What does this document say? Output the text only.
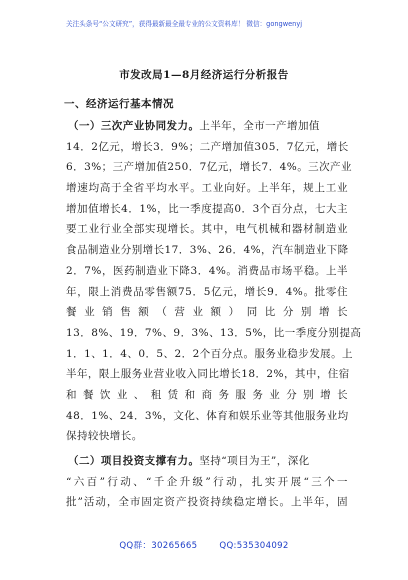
关注头条号“公文研究”，获得最新最全最专业的公文资料库！ 微信：gongwenyj
市发改局1—8月经济运行分析报告
一、经济运行基本情况
（一）三次产业协同发力。上半年，全市一产增加值
14．2亿元，增长3．9%；二产增加值305．7亿元，增长
6．3%；三产增加值250．7亿元，增长7．4%。三次产业
增速均高于全省平均水平。工业向好。上半年，规上工业
增加值增长4．1%，比一季度提高0．3个百分点，七大主
要工业行业全部实现增长。其中，电气机械和器材制造业
食品制造业分别增长17．3%、26．4%，汽车制造业下降
2．7%，医药制造业下降3．4%。消费品市场平稳。上半
年，限上消费品零售额75．5亿元，增长9．4%。批零住
餐业销售额（营业额）同比分别增长
13．8%、19．7%、9．3%、13．5%，比一季度分别提高
1．1、1．4、0．5、2．2个百分点。服务业稳步发展。上
半年，限上服务业营业收入同比增长18．2%，其中，住宿
和餐饮业、租赁和商务服务业分别增长
48．1%、24．3%，文化、体育和娱乐业等其他服务业均
保持较快增长。
（二）项目投资支撑有力。坚持“项目为王”，深化
“六百”行动、“千企升级”行动，扎实开展“三个一
批”活动，全市固定资产投资持续稳定增长。上半年，固
QQ群：30265665	QQ:535304092
